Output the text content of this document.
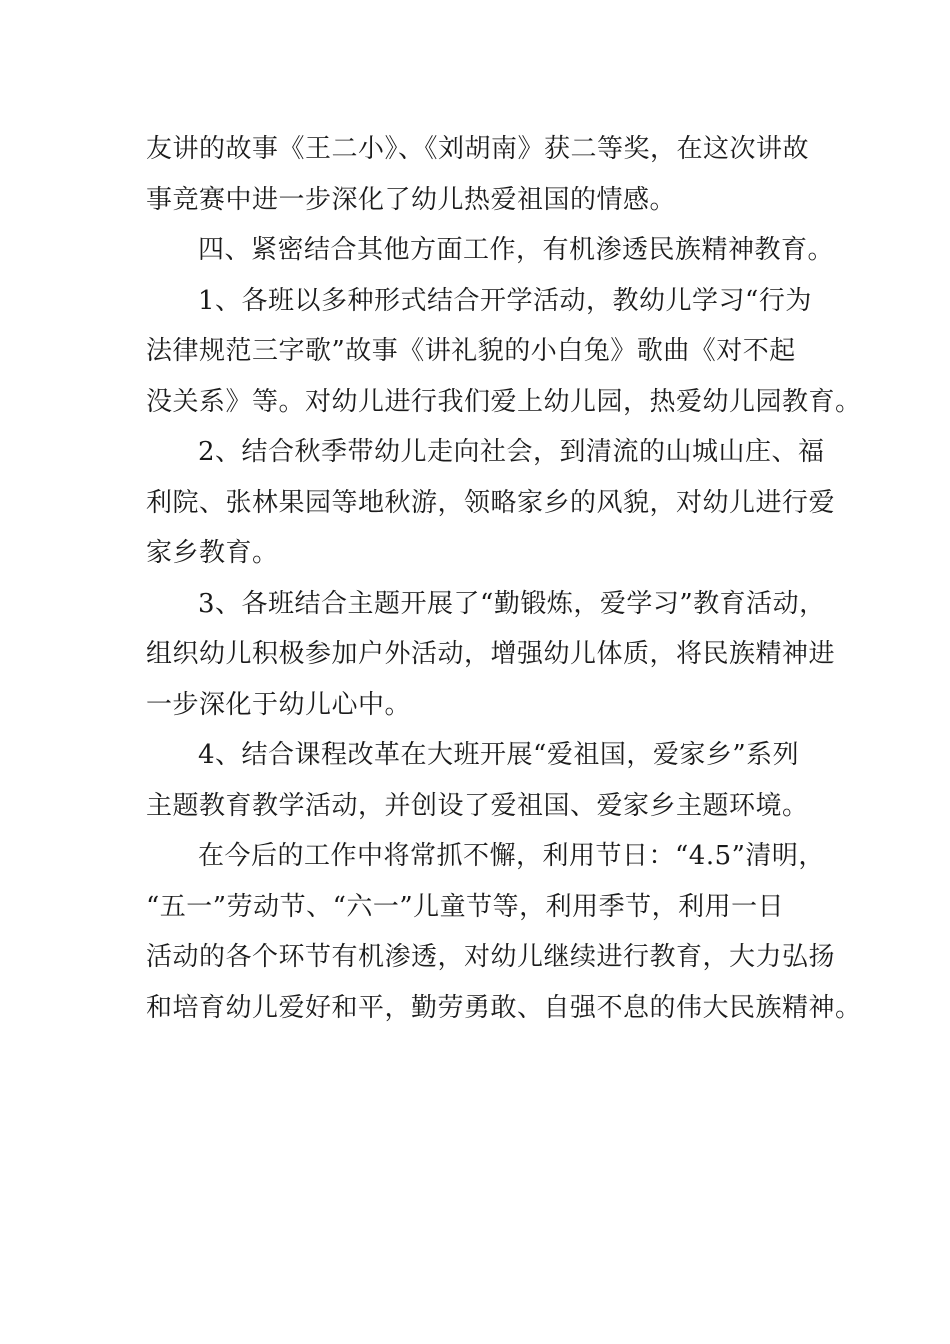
友讲的故事《王二小》、《刘胡南》获二等奖，在这次讲故
事竞赛中进一步深化了幼儿热爱祖国的情感。
四、紧密结合其他方面工作，有机渗透民族精神教育。
1、各班以多种形式结合开学活动，教幼儿学习“行为
法律规范三字歌”故事《讲礼貌的小白兔》歌曲《对不起
没关系》等。对幼儿进行我们爱上幼儿园，热爱幼儿园教育。
2、结合秋季带幼儿走向社会，到清流的山城山庄、福
利院、张林果园等地秋游，领略家乡的风貌，对幼儿进行爱
家乡教育。
3、各班结合主题开展了“勤锻炼，爱学习”教育活动，
组织幼儿积极参加户外活动，增强幼儿体质，将民族精神进
一步深化于幼儿心中。
4、结合课程改革在大班开展“爱祖国，爱家乡”系列
主题教育教学活动，并创设了爱祖国、爱家乡主题环境。
在今后的工作中将常抓不懈，利用节日：“4.5”清明，
“五一”劳动节、“六一”儿童节等，利用季节，利用一日
活动的各个环节有机渗透，对幼儿继续进行教育，大力弘扬
和培育幼儿爱好和平，勤劳勇敢、自强不息的伟大民族精神。
